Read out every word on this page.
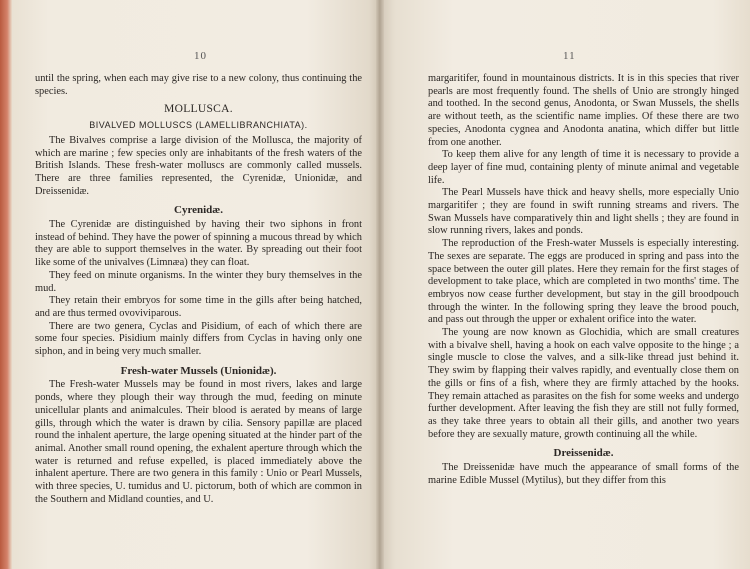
10

until the spring, when each may give rise to a new colony, thus continuing the species.

MOLLUSCA.

BIVALVED MOLLUSCS (LAMELLIBRANCHIATA).

The Bivalves comprise a large division of the Mollusca, the majority of which are marine ; few species only are inhabitants of the fresh waters of the British Islands. These fresh-water molluscs are commonly called mussels. There are three families represented, the Cyrenidæ, Unionidæ, and Dreissenidæ.

Cyrenidæ.

The Cyrenidæ are distinguished by having their two siphons in front instead of behind. They have the power of spinning a mucous thread by which they are able to support themselves in the water. By spreading out their foot like some of the univalves (Limnæa) they can float.

They feed on minute organisms. In the winter they bury themselves in the mud.

They retain their embryos for some time in the gills after being hatched, and are thus termed ovoviviparous.

There are two genera, Cyclas and Pisidium, of each of which there are some four species. Pisidium mainly differs from Cyclas in having only one siphon, and in being very much smaller.

Fresh-water Mussels (Unionidæ).

The Fresh-water Mussels may be found in most rivers, lakes and large ponds, where they plough their way through the mud, feeding on minute unicellular plants and animalcules. Their blood is aerated by means of large gills, through which the water is drawn by cilia. Sensory papillæ are placed round the inhalent aperture, the large opening situated at the hinder part of the animal. Another small round opening, the exhalent aperture through which the water is returned and refuse expelled, is placed immediately above the inhalent aperture. There are two genera in this family : Unio or Pearl Mussels, with three species, U. tumidus and U. pictorum, both of which are common in the Southern and Midland counties, and U.

11

margaritifer, found in mountainous districts. It is in this species that river pearls are most frequently found. The shells of Unio are strongly hinged and toothed. In the second genus, Anodonta, or Swan Mussels, the shells are without teeth, as the scientific name implies. Of these there are two species, Anodonta cygnea and Anodonta anatina, which differ but little from one another.

To keep them alive for any length of time it is necessary to provide a deep layer of fine mud, containing plenty of minute animal and vegetable life.

The Pearl Mussels have thick and heavy shells, more especially Unio margaritifer ; they are found in swift running streams and rivers. The Swan Mussels have comparatively thin and light shells ; they are found in slow running rivers, lakes and ponds.

The reproduction of the Fresh-water Mussels is especially interesting. The sexes are separate. The eggs are produced in spring and pass into the space between the outer gill plates. Here they remain for the first stages of development to take place, which are completed in two months' time. The embryos now cease further development, but stay in the gill broodpouch through the winter. In the following spring they leave the brood pouch, and pass out through the upper or exhalent orifice into the water.

The young are now known as Glochidia, which are small creatures with a bivalve shell, having a hook on each valve opposite to the hinge ; a single muscle to close the valves, and a silk-like thread just behind it. They swim by flapping their valves rapidly, and eventually close them on the gills or fins of a fish, where they are firmly attached by the hooks. They remain attached as parasites on the fish for some weeks and undergo further development. After leaving the fish they are still not fully formed, as they take three years to obtain all their gills, and another two years before they are sexually mature, growth continuing all the while.

Dreissenidæ.

The Dreissenidæ have much the appearance of small forms of the marine Edible Mussel (Mytilus), but they differ from this
